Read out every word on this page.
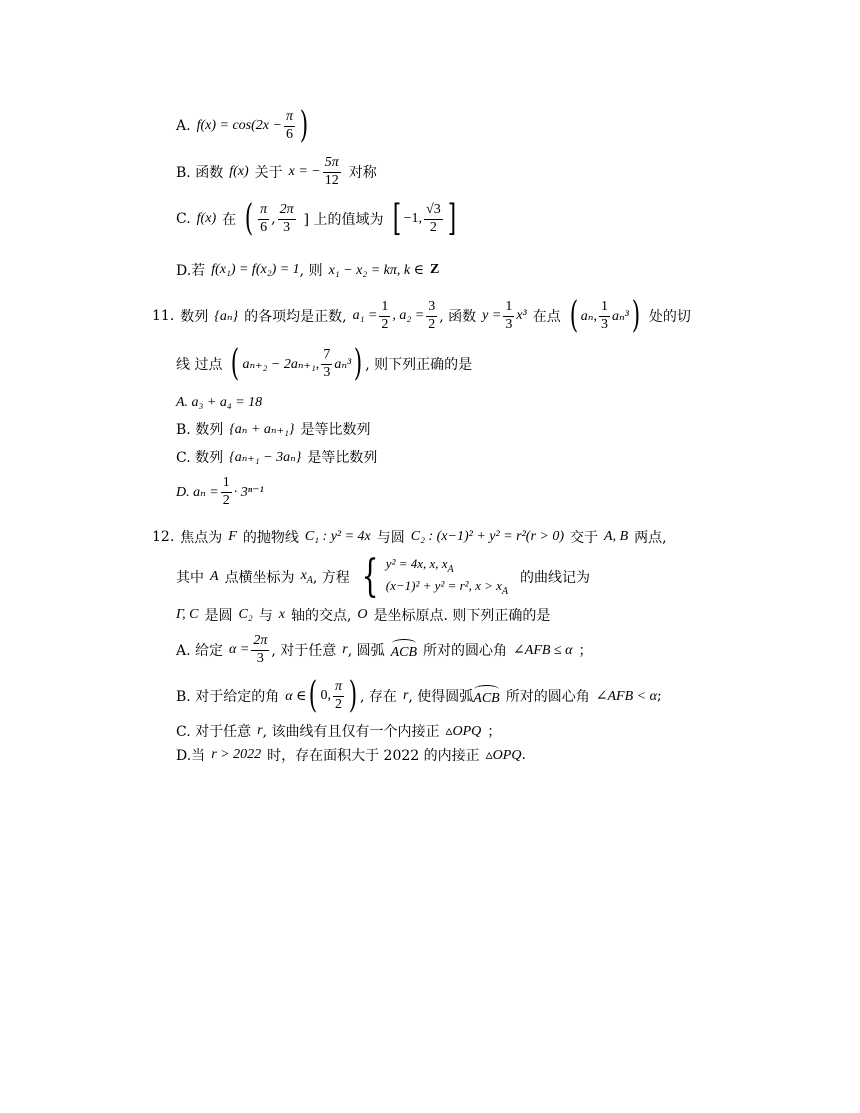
A. $f(x) = \cos(2x - \frac{\pi}{6}$ )
B. 函数 f(x) 关于 x = − $\frac{5\pi}{12}$ 对称
C. f(x) 在 ( $\frac{\pi}{6}$ , $\frac{2\pi}{3}$ ] 上的值域为 [ −1, $\frac{√3}{2}$ ]
D.若 f(x₁) = f(x₂) = 1 , 则 x₁ − x₂ = kπ, k ∈ Z
11. 数列 {aₙ} 的各项均是正数, $a_1 = \frac{1}{2}$ , $a_2 = \frac{3}{2}$ , 函数 $y = \frac{1}{3} x^3$ 在点 ( aₙ, $\frac{1}{3} a_n^3$ ) 处的切
线 过点 ( aₙ₊₂ − 2aₙ₊₁, $\frac{7}{3} a_n^3$ ) , 则下列正确的是
A. a₃ + a₄ = 18
B. 数列 {aₙ + aₙ₊₁} 是等比数列
C. 数列 {aₙ₊₁ − 3aₙ} 是等比数列
D. $a_n = \frac{1}{2} \cdot 3^{n-1}$
12. 焦点为 F 的抛物线 C₁ : y² = 4x 与圆 C₂ : (x−1)² + y² = r²(r > 0) 交于 A, B 两点,
其中 A 点横坐标为 $x_A$ , 方程 { y² = 4x, x, $x_A$
(x−1)² + y² = r², $x > x_A$
的曲线记为
Γ, C 是圆 C₂ 与 x 轴的交点, O 是坐标原点. 则下列正确的是
A. 给定 $\alpha = \frac{2\pi}{3}$ , 对于任意 r , 圆弧 ACB 所对的圆心角 ∠AFB ≤ α ；
B. 对于给定的角 α ∈ ( 0, $\frac{\pi}{2}$ ) , 存在 r , 使得圆弧 ACB 所对的圆心角 ∠AFB < α ;
C. 对于任意 r , 该曲线有且仅有一个内接正 ▵OPQ ；
D.当 r > 2022 时，存在面积大于 2022 的内接正 ▵OPQ .
